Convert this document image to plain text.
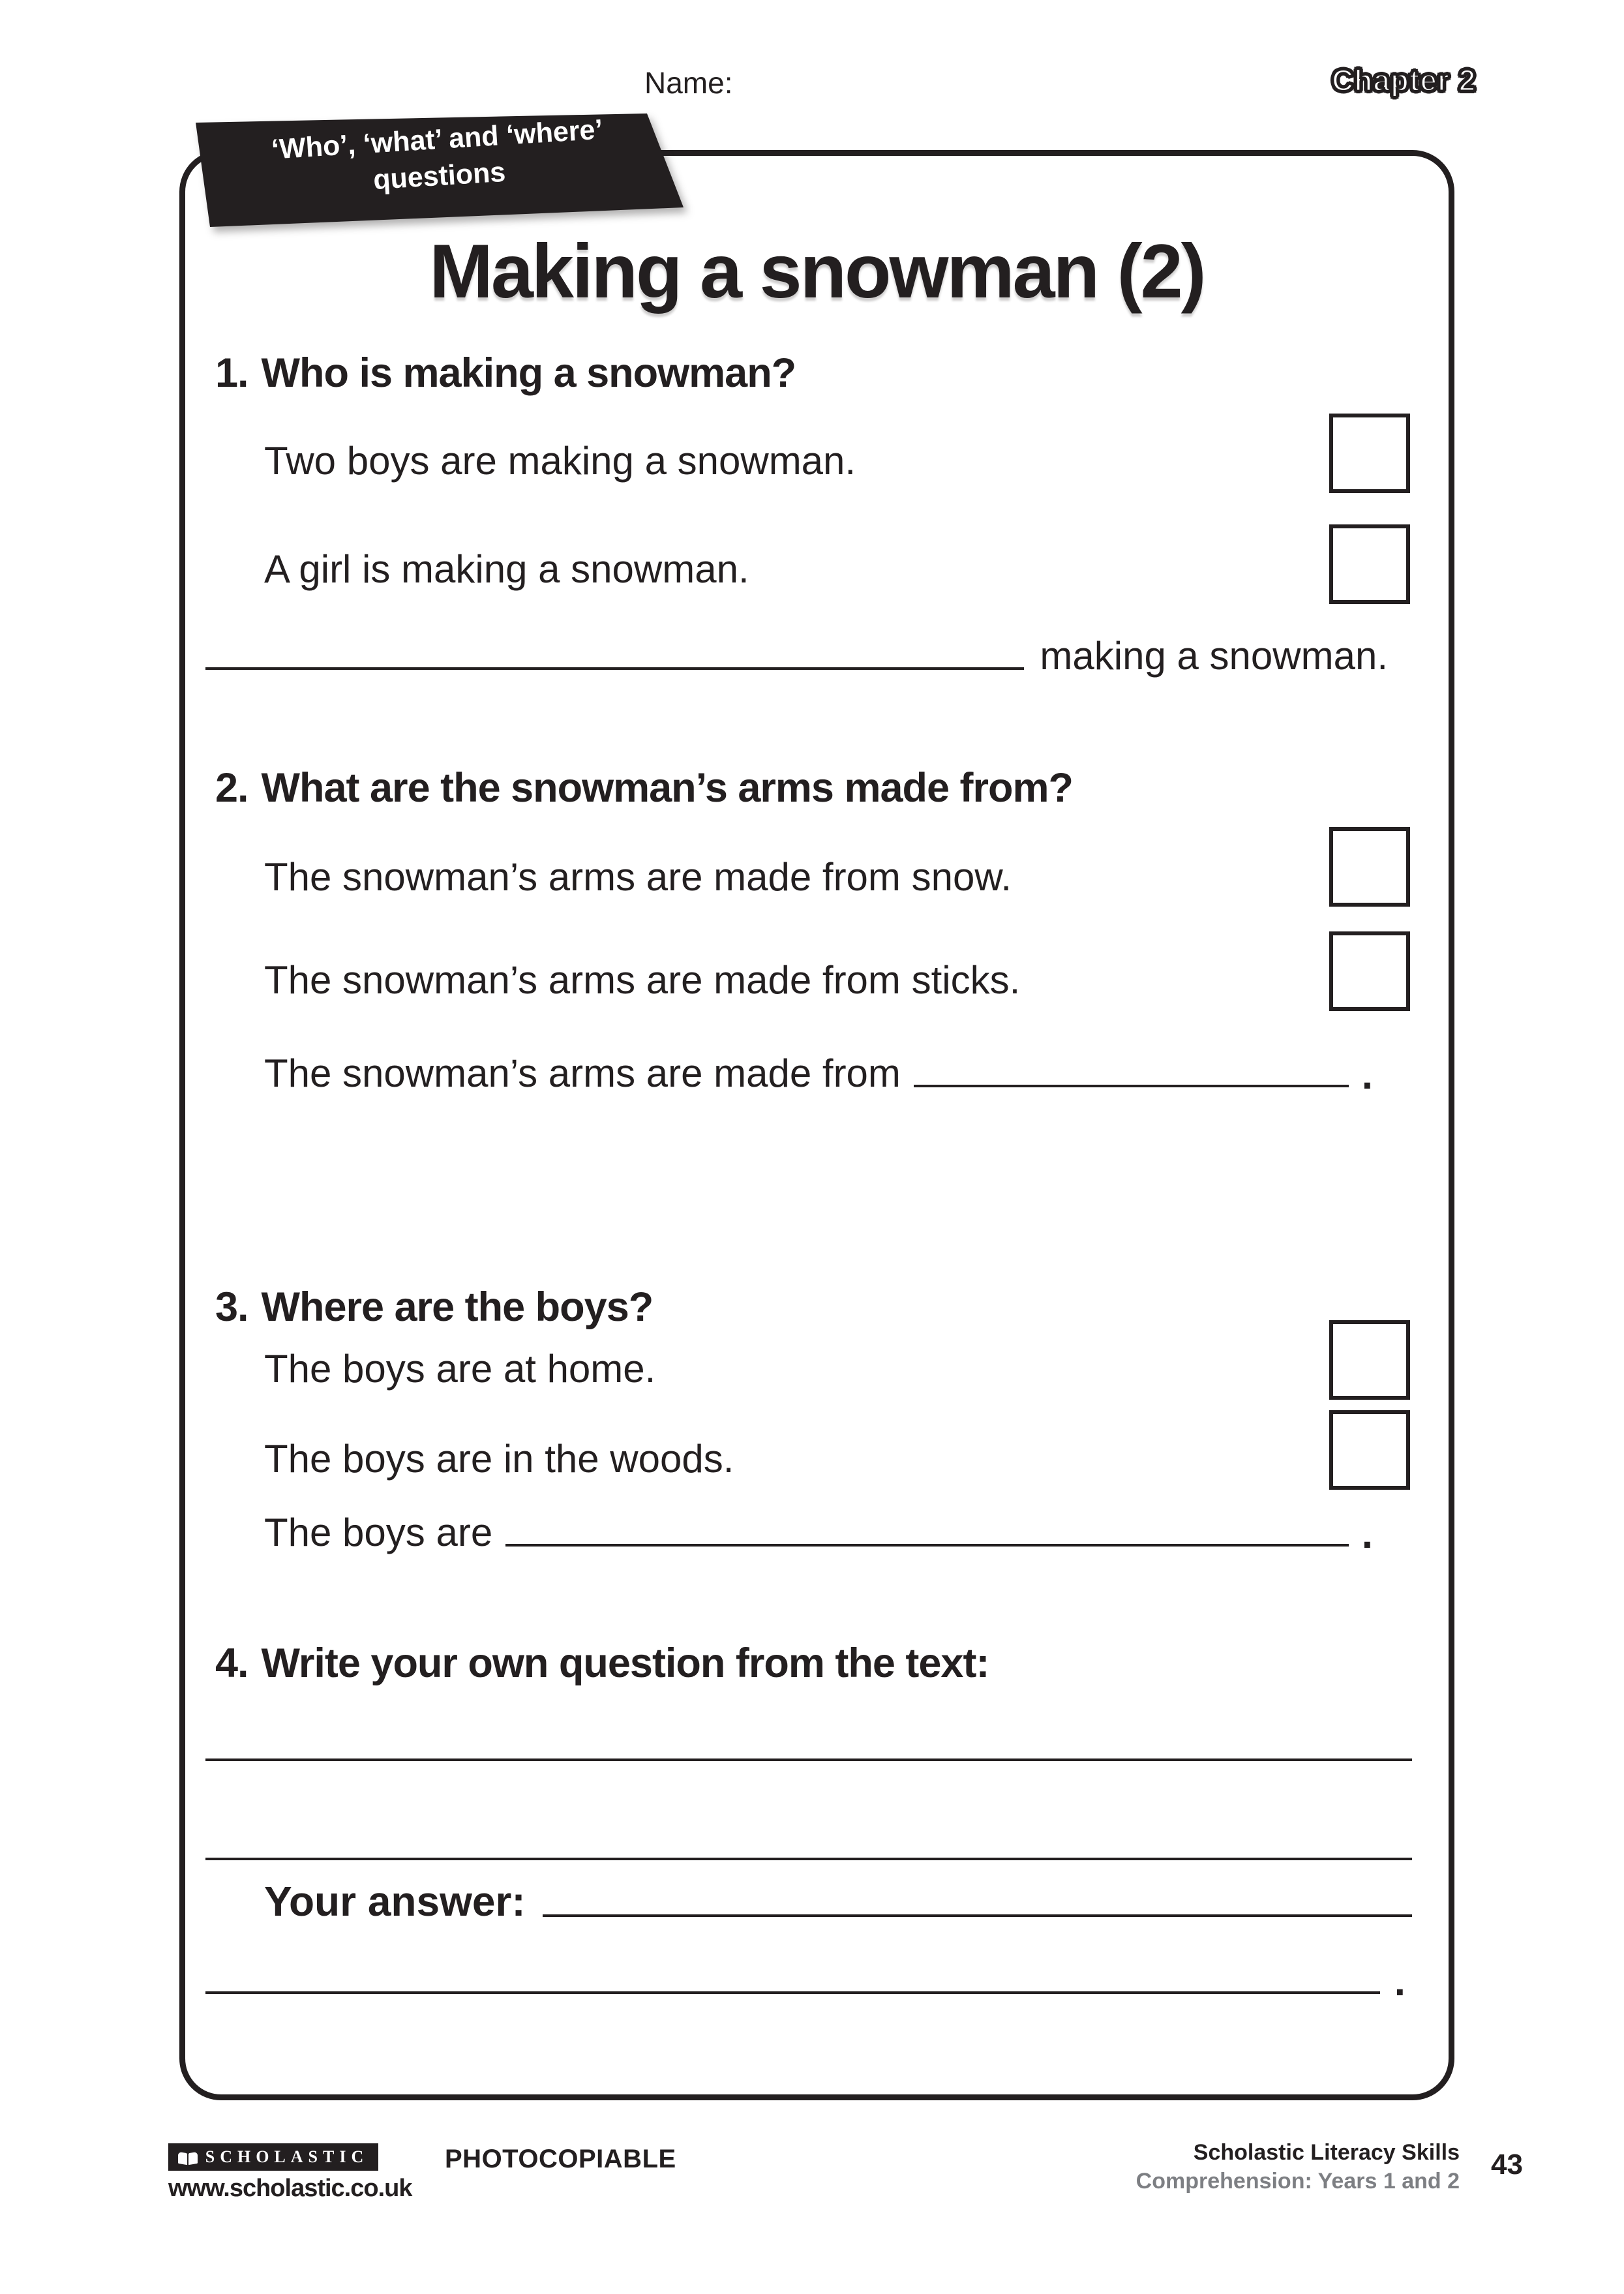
Name:	Chapter 2
‘Who’, ‘what’ and ‘where’
questions
Making a snowman (2)
1. Who is making a snowman?
Two boys are making a snowman.
A girl is making a snowman.
making a snowman.
2. What are the snowman’s arms made from?
The snowman’s arms are made from snow.
The snowman’s arms are made from sticks.
The snowman’s arms are made from	.
3. Where are the boys?
The boys are at home.
The boys are in the woods.
The boys are	.
4. Write your own question from the text:
Your answer:
.
SCHOLASTIC
www.scholastic.co.uk
PHOTOCOPIABLE	Scholastic Literacy Skills
Comprehension: Years 1 and 2
43
